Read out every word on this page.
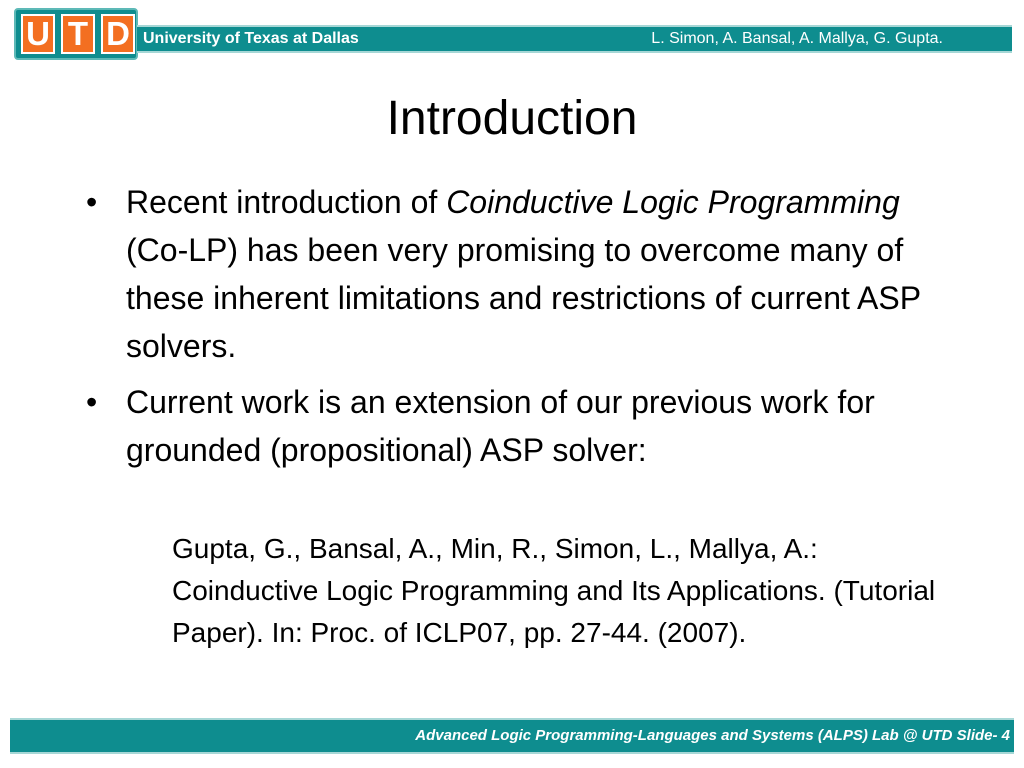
U T D University of Texas at Dallas	L. Simon, A. Bansal, A. Mallya, G. Gupta.
Introduction
• Recent introduction of Coinductive Logic Programming (Co-LP) has been very promising to overcome many of these inherent limitations and restrictions of current ASP solvers.
• Current work is an extension of our previous work for grounded (propositional) ASP solver:
Gupta, G., Bansal, A., Min, R., Simon, L., Mallya, A.: Coinductive Logic Programming and Its Applications. (Tutorial Paper). In: Proc. of ICLP07, pp. 27-44. (2007).
Advanced Logic Programming-Languages and Systems (ALPS) Lab @ UTD Slide- 4
